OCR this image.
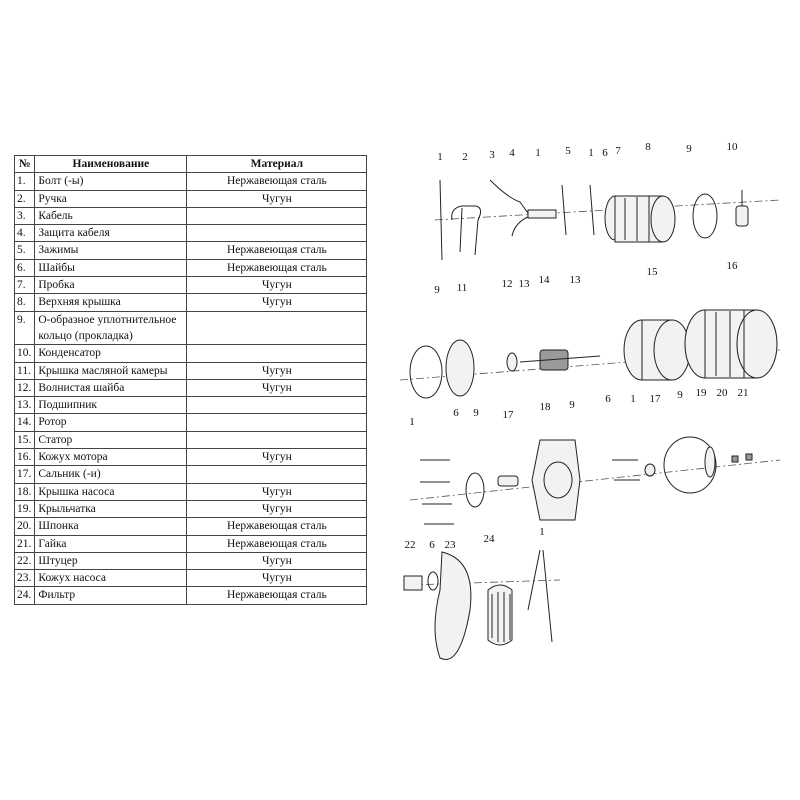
№	Наименование	Материал
1.	Болт (-ы)	Нержавеющая сталь
2.	Ручка	Чугун
3.	Кабель	
4.	Защита кабеля	
5.	Зажимы	Нержавеющая сталь
6.	Шайбы	Нержавеющая сталь
7.	Пробка	Чугун
8.	Верхняя крышка	Чугун
9.	О-образное уплотнительное кольцо (прокладка)	
10.	Конденсатор	
11.	Крышка масляной камеры	Чугун
12.	Волнистая шайба	Чугун
13.	Подшипник	
14.	Ротор	
15.	Статор	
16.	Кожух мотора	Чугун
17.	Сальник (-и)	
18.	Крышка насоса	Чугун
19.	Крыльчатка	Чугун
20.	Шпонка	Нержавеющая сталь
21.	Гайка	Нержавеющая сталь
22.	Штуцер	Чугун
23.	Кожух насоса	Чугун
24.	Фильтр	Нержавеющая сталь
1 2 3 4 1 5 1 6 7 8	9	10
9 11	12 13 14 13
15	16
1
6 9 17
18 9	6 1 17 9 19 20 21
22 6 23	24
1
